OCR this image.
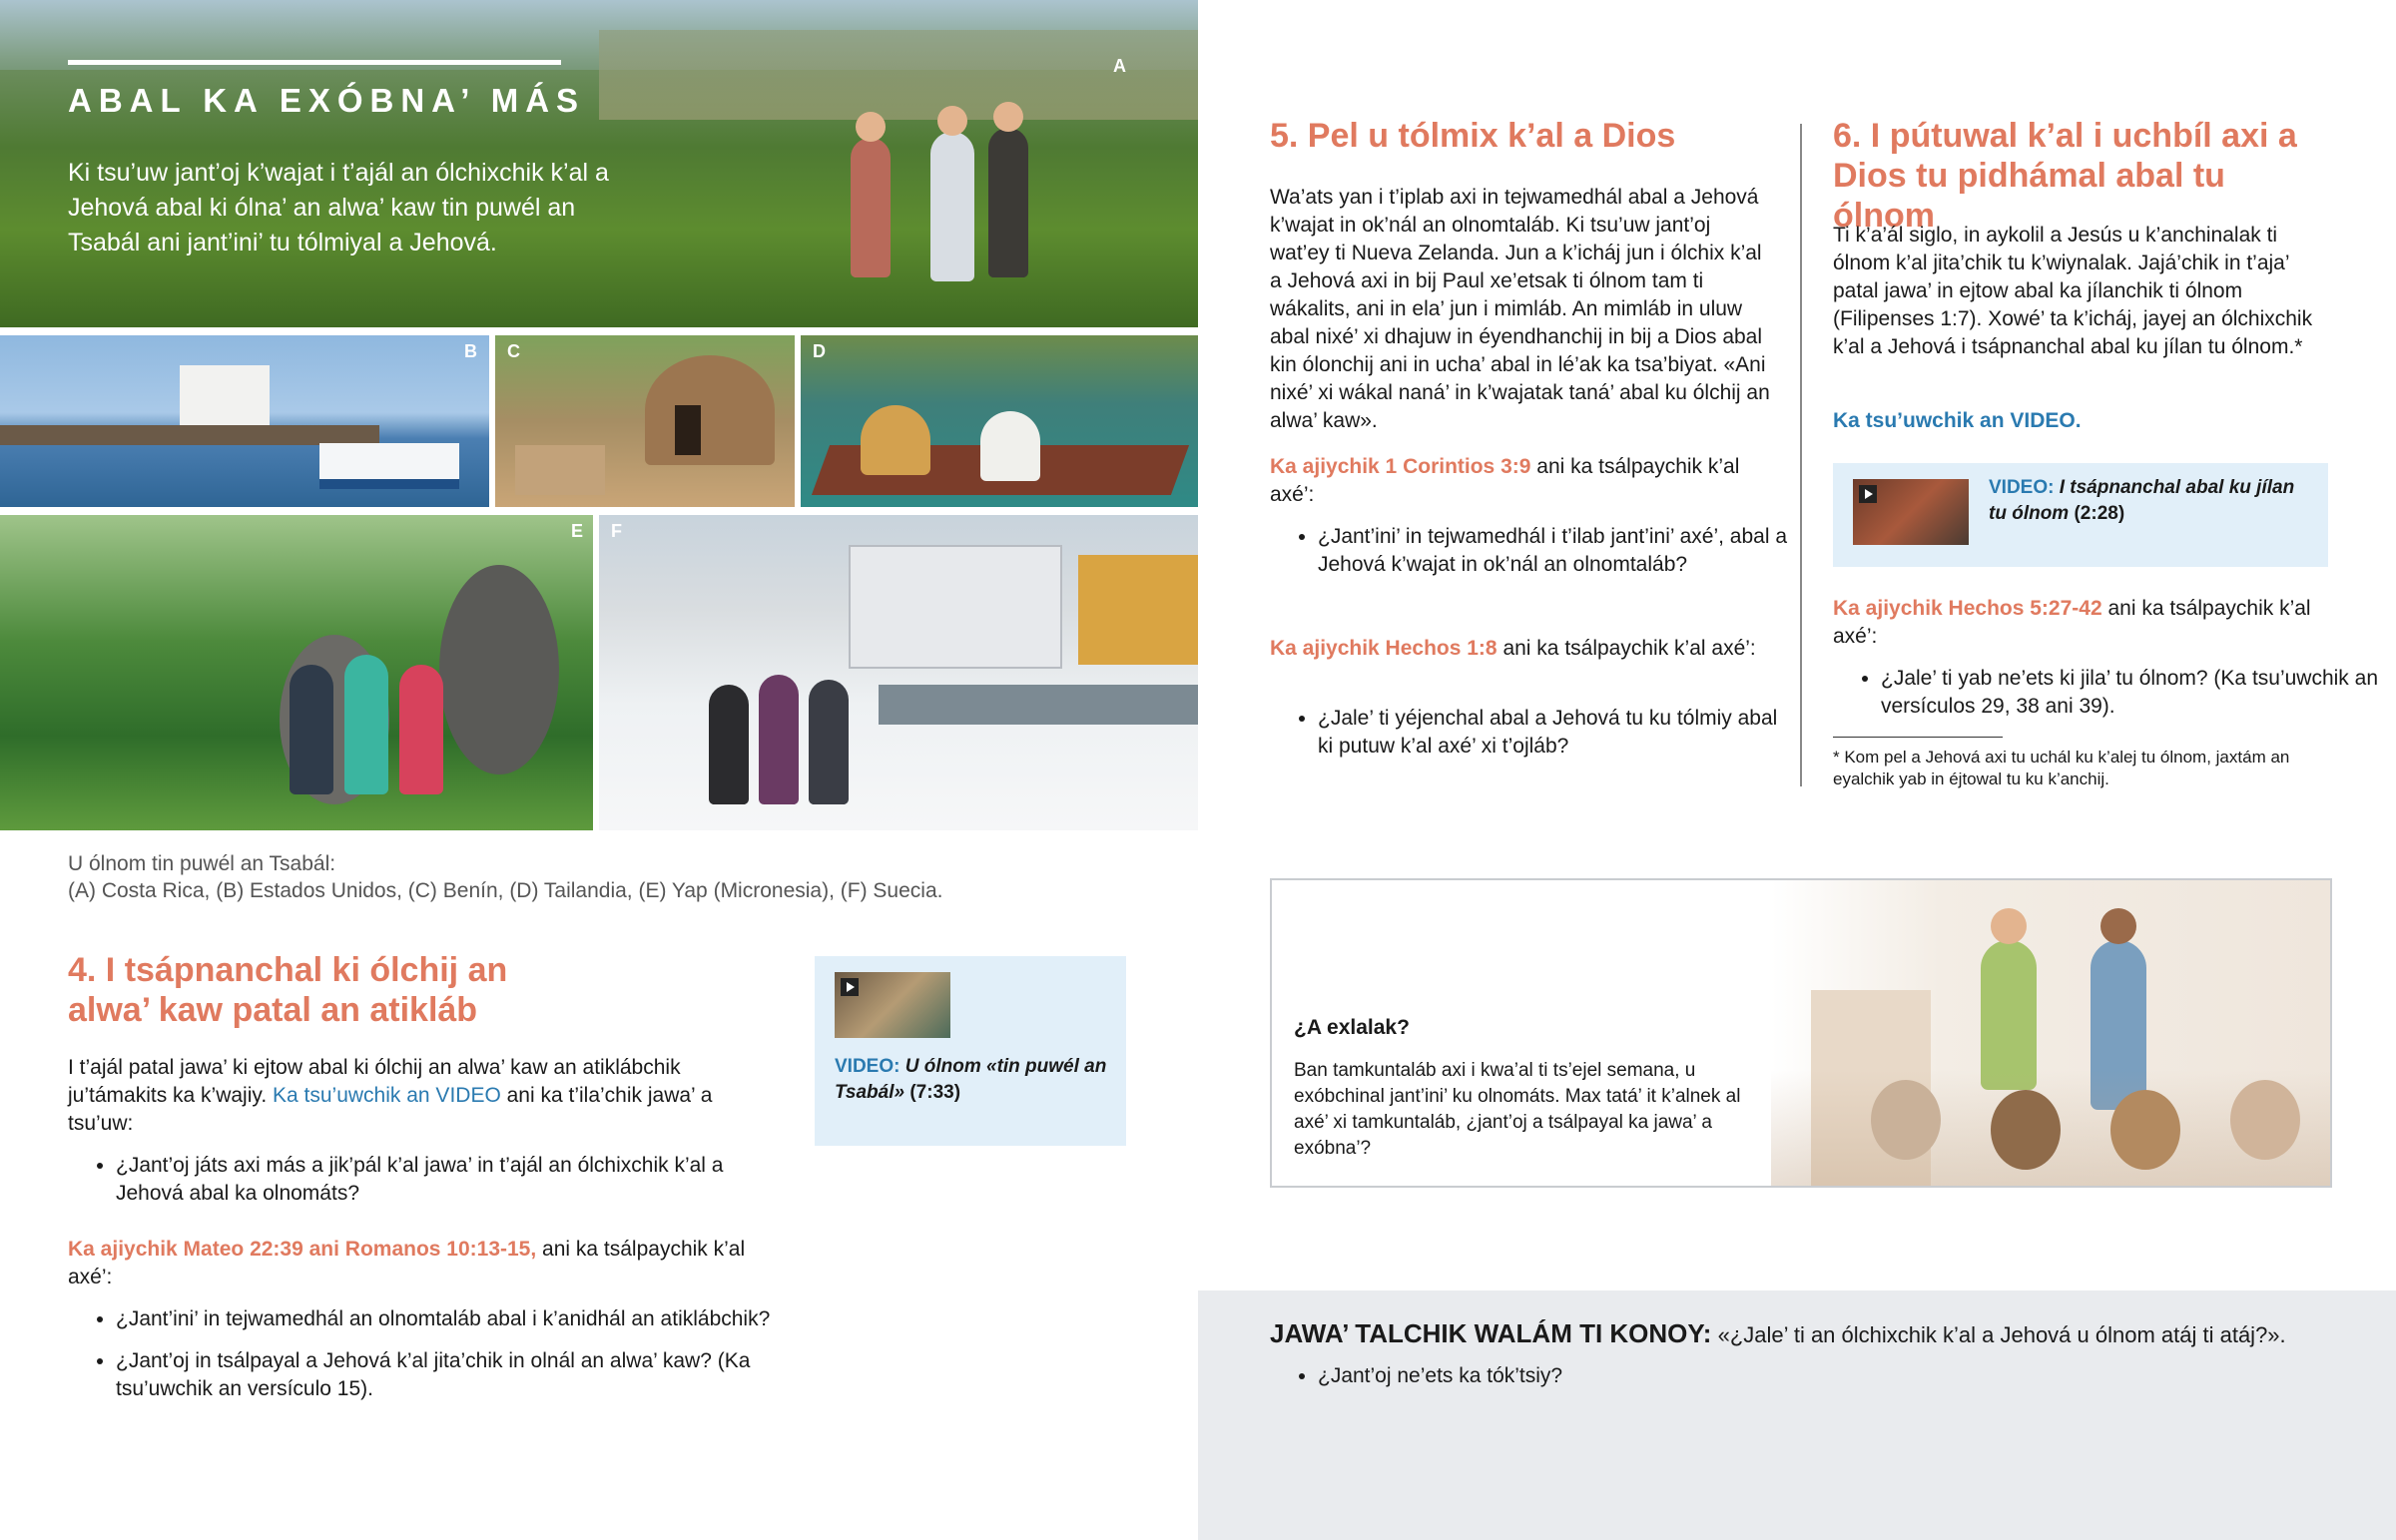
ABAL KA EXÓBNA’ MÁS
Ki tsu’uw jant’oj k’wajat i t’ajál an ólchixchik k’al a Jehová abal ki ólna’ an alwa’ kaw tin puwél an Tsabál ani jant’ini’ tu tólmiyal a Jehová.
A
B C	D
E F
U ólnom tin puwél an Tsabál:
(A) Costa Rica, (B) Estados Unidos, (C) Benín, (D) Tailandia, (E) Yap (Micronesia), (F) Suecia.
4. I tsápnanchal ki ólchij an alwa’ kaw patal an atikláb
VIDEO: U ólnom «tin puwél an Tsabál» (7:33)
I t’ajál patal jawa’ ki ejtow abal ki ólchij an alwa’ kaw an atiklábchik ju’támakits ka k’wajiy. Ka tsu’uwchik an VIDEO ani ka t’ila’chik jawa’ a tsu’uw:
• ¿Jant’oj játs axi más a jik’pál k’al jawa’ in t’ajál an ólchixchik k’al a Jehová abal ka olnomáts?
Ka ajiychik Mateo 22:39 ani Romanos 10:13-15, ani ka tsálpaychik k’al axé’:
• ¿Jant’ini’ in tejwamedhál an olnomtaláb abal i k’anidhál an atiklábchik?
• ¿Jant’oj in tsálpayal a Jehová k’al jita’chik in olnál an alwa’ kaw? (Ka tsu’uwchik an versículo 15).
5. Pel u tólmix k’al a Dios
Wa’ats yan i t’iplab axi in tejwamedhál abal a Jehová k’wajat in ok’nál an olnomtaláb. Ki tsu’uw jant’oj wat’ey ti Nueva Zelanda. Jun a k’icháj jun i ólchix k’al a Jehová axi in bij Paul xe’etsak ti ólnom tam ti wákalits, ani in ela’ jun i mimláb. An mimláb in uluw abal nixé’ xi dhajuw in éyendhanchij in bij a Dios abal kin ólonchij ani in ucha’ abal in lé’ak ka tsa’biyat. «Ani nixé’ xi wákal naná’ in k’wajatak taná’ abal ku ólchij an alwa’ kaw».
Ka ajiychik 1 Corintios 3:9 ani ka tsálpaychik k’al axé’:
• ¿Jant’ini’ in tejwamedhál i t’ilab jant’ini’ axé’, abal a Jehová k’wajat in ok’nál an olnomtaláb?
Ka ajiychik Hechos 1:8 ani ka tsálpaychik k’al axé’:
• ¿Jale’ ti yéjenchal abal a Jehová tu ku tólmiy abal ki putuw k’al axé’ xi t’ojláb?
6. I pútuwal k’al i uchbíl axi a Dios tu pidhámal abal tu ólnom
Ti k’a’ál siglo, in aykolil a Jesús u k’anchinalak ti ólnom k’al jita’chik tu k’wiynalak. Jajá’chik in t’aja’ patal jawa’ in ejtow abal ka jílanchik ti ólnom (Filipenses 1:7). Xowé’ ta k’icháj, jayej an ólchixchik k’al a Jehová i tsápnanchal abal ku jílan tu ólnom.*
Ka tsu’uwchik an VIDEO.
VIDEO: I tsápnanchal abal ku jílan tu ólnom (2:28)
Ka ajiychik Hechos 5:27-42 ani ka tsálpaychik k’al axé’:
• ¿Jale’ ti yab ne’ets ki jila’ tu ólnom? (Ka tsu’uwchik an versículos 29, 38 ani 39).
* Kom pel a Jehová axi tu uchál ku k’alej tu ólnom, jaxtám an eyalchik yab in éjtowal tu ku k’anchij.
¿A exlalak?
Ban tamkuntaláb axi i kwa’al ti ts’ejel semana, u exóbchinal jant’ini’ ku olnomáts. Max tatá’ it k’alnek al axé’ xi tamkuntaláb, ¿jant’oj a tsálpayal ka jawa’ a exóbna’?
JAWA’ TALCHIK WALÁM TI KONOY: «¿Jale’ ti an ólchixchik k’al a Jehová u ólnom atáj ti atáj?».
• ¿Jant’oj ne’ets ka tók’tsiy?
